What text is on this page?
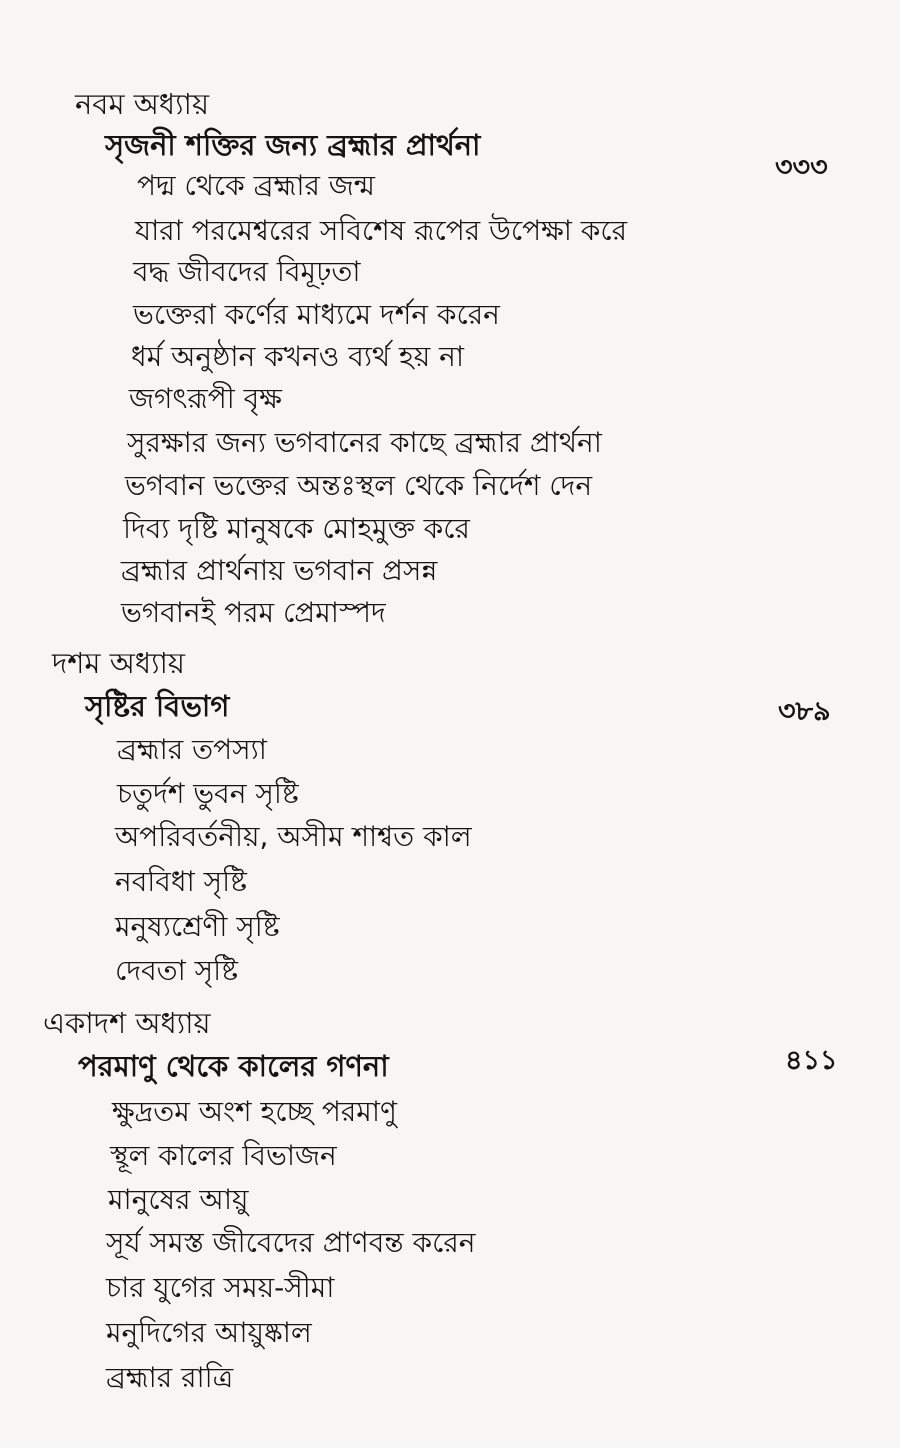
নবম অধ্যায়
সৃজনী শক্তির জন্য ব্রহ্মার প্রার্থনা
৩৩৩
পদ্ম থেকে ব্রহ্মার জন্ম
যারা পরমেশ্বরের সবিশেষ রূপের উপেক্ষা করে
বদ্ধ জীবদের বিমূঢ়তা
ভক্তেরা কর্ণের মাধ্যমে দর্শন করেন
ধর্ম অনুষ্ঠান কখনও ব্যর্থ হয় না
জগৎরূপী বৃক্ষ
সুরক্ষার জন্য ভগবানের কাছে ব্রহ্মার প্রার্থনা
ভগবান ভক্তের অন্তঃস্থল থেকে নির্দেশ দেন
দিব্য দৃষ্টি মানুষকে মোহমুক্ত করে
ব্রহ্মার প্রার্থনায় ভগবান প্রসন্ন
ভগবানই পরম প্রেমাস্পদ
দশম অধ্যায়
সৃষ্টির বিভাগ	৩৮৯
ব্রহ্মার তপস্যা
চতুর্দশ ভুবন সৃষ্টি
অপরিবর্তনীয়, অসীম শাশ্বত কাল
নববিধা সৃষ্টি
মনুষ্যশ্রেণী সৃষ্টি
দেবতা সৃষ্টি
একাদশ অধ্যায়
পরমাণু থেকে কালের গণনা	৪১১
ক্ষুদ্রতম অংশ হচ্ছে পরমাণু
স্থূল কালের বিভাজন
মানুষের আয়ু
সূর্য সমস্ত জীবেদের প্রাণবন্ত করেন
চার যুগের সময়-সীমা
মনুদিগের আয়ুষ্কাল
ব্রহ্মার রাত্রি
